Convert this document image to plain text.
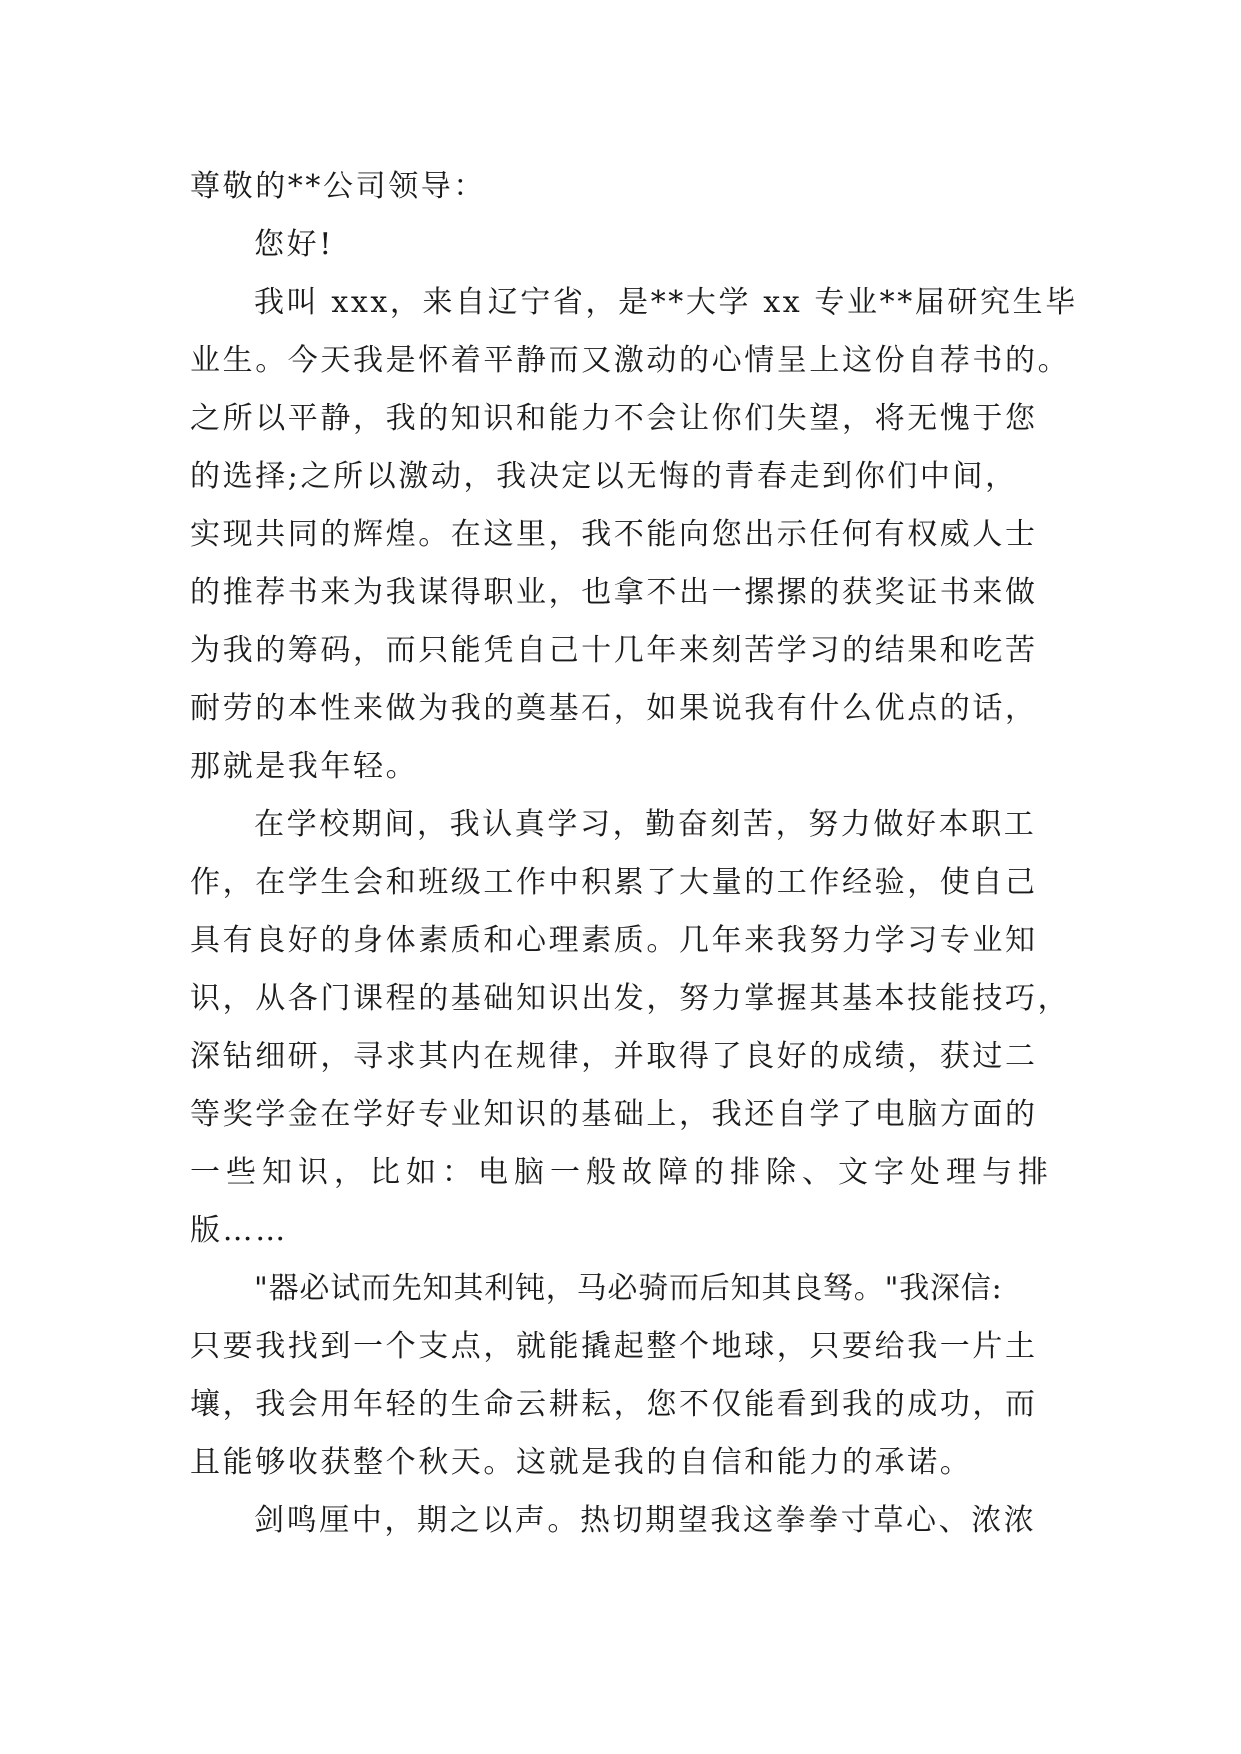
尊敬的**公司领导：
您好!
我叫 xxx，来自辽宁省，是**大学 xx 专业**届研究生毕
业生。今天我是怀着平静而又激动的心情呈上这份自荐书的。
之所以平静，我的知识和能力不会让你们失望，将无愧于您
的选择;之所以激动，我决定以无悔的青春走到你们中间，
实现共同的辉煌。在这里，我不能向您出示任何有权威人士
的推荐书来为我谋得职业，也拿不出一摞摞的获奖证书来做
为我的筹码，而只能凭自己十几年来刻苦学习的结果和吃苦
耐劳的本性来做为我的奠基石，如果说我有什么优点的话，
那就是我年轻。
在学校期间，我认真学习，勤奋刻苦，努力做好本职工
作，在学生会和班级工作中积累了大量的工作经验，使自己
具有良好的身体素质和心理素质。几年来我努力学习专业知
识，从各门课程的基础知识出发，努力掌握其基本技能技巧，
深钻细研，寻求其内在规律，并取得了良好的成绩，获过二
等奖学金在学好专业知识的基础上，我还自学了电脑方面的
一些知识，比如：电脑一般故障的排除、文字处理与排
版……
"器必试而先知其利钝，马必骑而后知其良驽。"我深信:
只要我找到一个支点，就能撬起整个地球，只要给我一片土
壤，我会用年轻的生命云耕耘，您不仅能看到我的成功，而
且能够收获整个秋天。这就是我的自信和能力的承诺。
剑鸣厘中，期之以声。热切期望我这拳拳寸草心、浓浓
